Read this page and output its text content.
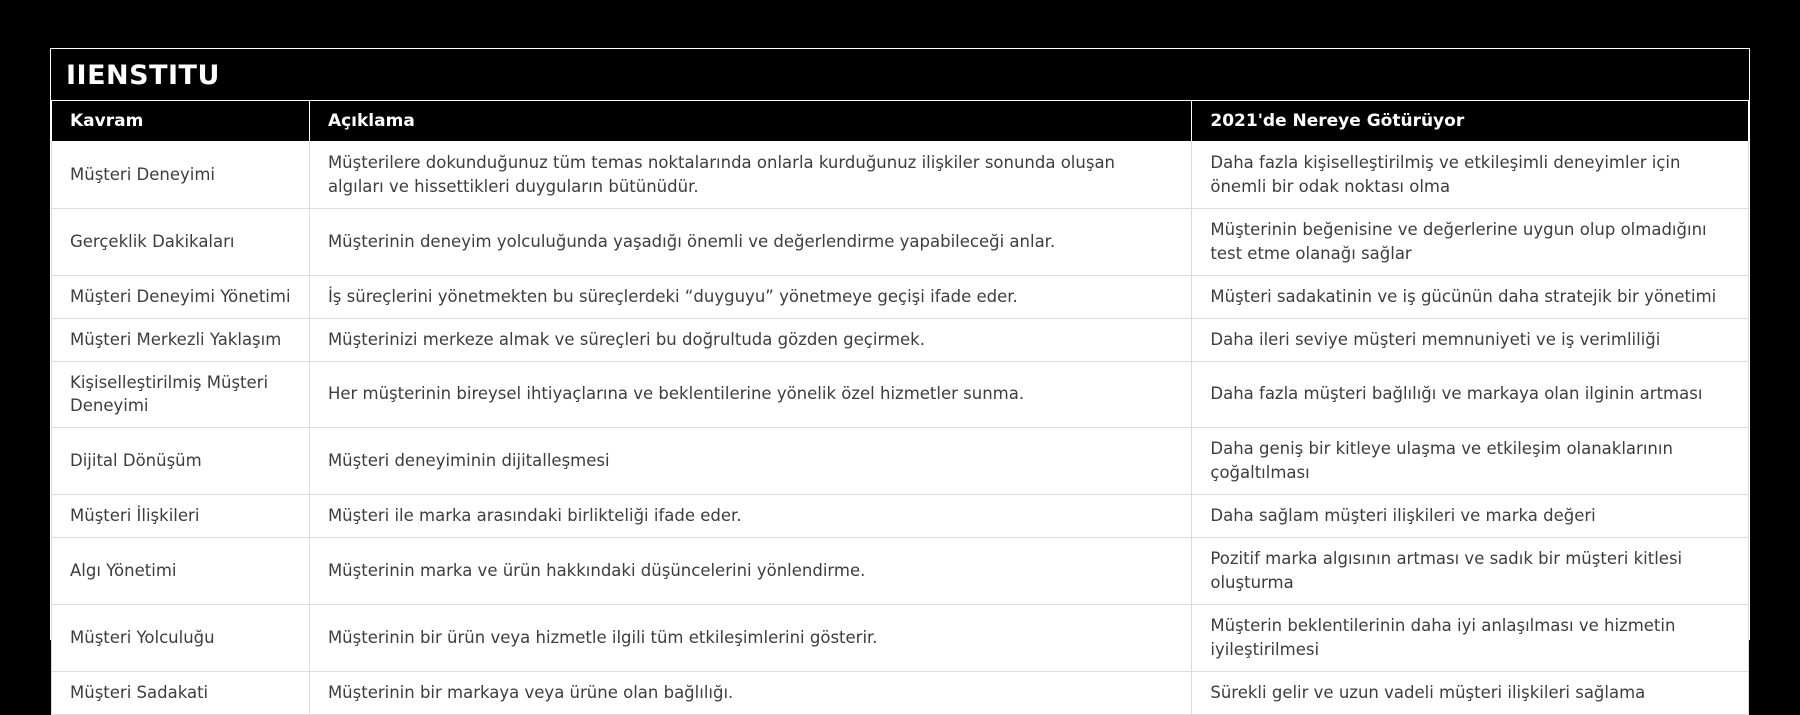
IIENSTITU
Kavram	Açıklama	2021'de Nereye Götürüyor
Müşteri Deneyimi	Müşterilere dokunduğunuz tüm temas noktalarında onlarla kurduğunuz ilişkiler sonunda oluşan algıları ve hissettikleri duyguların bütünüdür.	Daha fazla kişiselleştirilmiş ve etkileşimli deneyimler için önemli bir odak noktası olma
Gerçeklik Dakikaları	Müşterinin deneyim yolculuğunda yaşadığı önemli ve değerlendirme yapabileceği anlar.	Müşterinin beğenisine ve değerlerine uygun olup olmadığını test etme olanağı sağlar
Müşteri Deneyimi Yönetimi	İş süreçlerini yönetmekten bu süreçlerdeki “duyguyu” yönetmeye geçişi ifade eder.	Müşteri sadakatinin ve iş gücünün daha stratejik bir yönetimi
Müşteri Merkezli Yaklaşım	Müşterinizi merkeze almak ve süreçleri bu doğrultuda gözden geçirmek.	Daha ileri seviye müşteri memnuniyeti ve iş verimliliği
Kişiselleştirilmiş Müşteri Deneyimi	Her müşterinin bireysel ihtiyaçlarına ve beklentilerine yönelik özel hizmetler sunma.	Daha fazla müşteri bağlılığı ve markaya olan ilginin artması
Dijital Dönüşüm	Müşteri deneyiminin dijitalleşmesi	Daha geniş bir kitleye ulaşma ve etkileşim olanaklarının çoğaltılması
Müşteri İlişkileri	Müşteri ile marka arasındaki birlikteliği ifade eder.	Daha sağlam müşteri ilişkileri ve marka değeri
Algı Yönetimi	Müşterinin marka ve ürün hakkındaki düşüncelerini yönlendirme.	Pozitif marka algısının artması ve sadık bir müşteri kitlesi oluşturma
Müşteri Yolculuğu	Müşterinin bir ürün veya hizmetle ilgili tüm etkileşimlerini gösterir.	Müşterin beklentilerinin daha iyi anlaşılması ve hizmetin iyileştirilmesi
Müşteri Sadakati	Müşterinin bir markaya veya ürüne olan bağlılığı.	Sürekli gelir ve uzun vadeli müşteri ilişkileri sağlama
